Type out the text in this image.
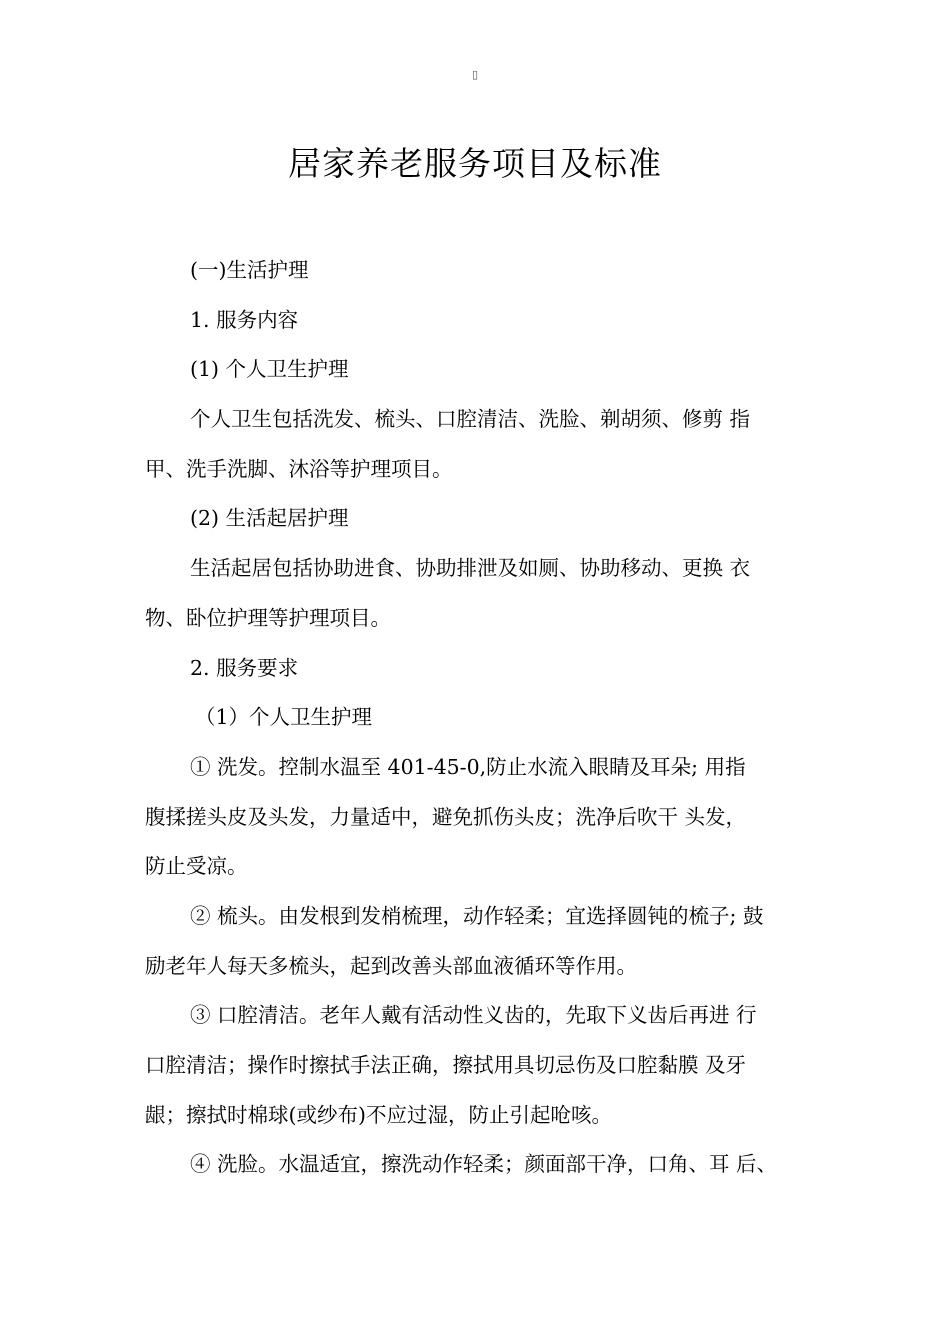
▯
居家养老服务项目及标准
(一)生活护理
1. 服务内容
(1) 个人卫生护理
个人卫生包括洗发、梳头、口腔清洁、洗脸、剃胡须、修剪 指
甲、洗手洗脚、沐浴等护理项目。
(2) 生活起居护理
生活起居包括协助进食、协助排泄及如厕、协助移动、更换 衣
物、卧位护理等护理项目。
2. 服务要求
（1）个人卫生护理
① 洗发。控制水温至 401-45-0,防止水流入眼睛及耳朵; 用指
腹揉搓头皮及头发，力量适中，避免抓伤头皮；洗净后吹干 头发，
防止受凉。
② 梳头。由发根到发梢梳理，动作轻柔；宜选择圆钝的梳子; 鼓
励老年人每天多梳头，起到改善头部血液循环等作用。
③ 口腔清洁。老年人戴有活动性义齿的，先取下义齿后再进 行
口腔清洁；操作时擦拭手法正确，擦拭用具切忌伤及口腔黏膜 及牙
龈；擦拭时棉球(或纱布)不应过湿，防止引起呛咳。
④ 洗脸。水温适宜，擦洗动作轻柔；颜面部干净，口角、耳 后、
